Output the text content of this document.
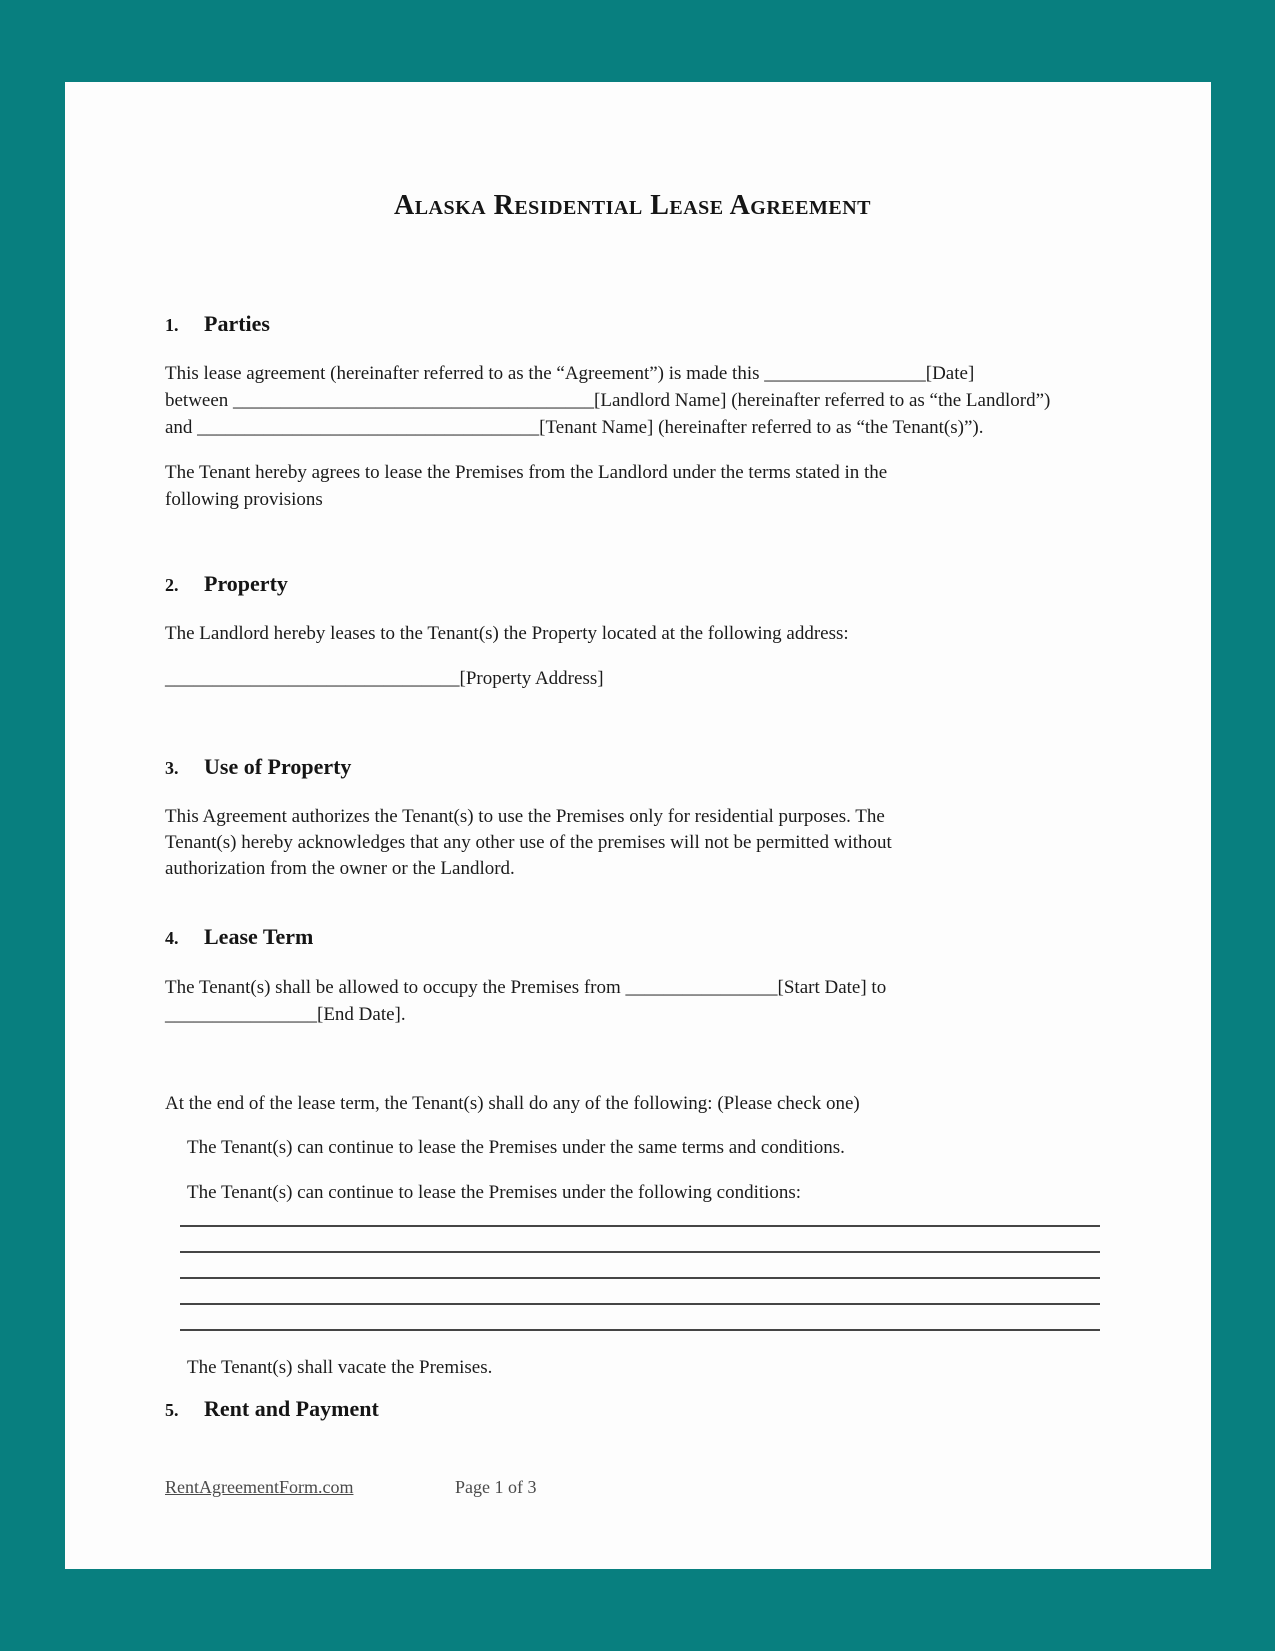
Alaska Residential Lease Agreement
1.	Parties
This lease agreement (hereinafter referred to as the “Agreement”) is made this _________________[Date]
between ______________________________________[Landlord Name] (hereinafter referred to as “the Landlord”)
and ____________________________________[Tenant Name] (hereinafter referred to as “the Tenant(s)”).
The Tenant hereby agrees to lease the Premises from the Landlord under the terms stated in the
following provisions
2.	Property
The Landlord hereby leases to the Tenant(s) the Property located at the following address:
_______________________________[Property Address]
3.	Use of Property
This Agreement authorizes the Tenant(s) to use the Premises only for residential purposes. The
Tenant(s) hereby acknowledges that any other use of the premises will not be permitted without
authorization from the owner or the Landlord.
4.	Lease Term
The Tenant(s) shall be allowed to occupy the Premises from ________________[Start Date] to
________________[End Date].
At the end of the lease term, the Tenant(s) shall do any of the following: (Please check one)
The Tenant(s) can continue to lease the Premises under the same terms and conditions.
The Tenant(s) can continue to lease the Premises under the following conditions:
The Tenant(s) shall vacate the Premises.
5.	Rent and Payment
RentAgreementForm.com	Page 1 of 3
